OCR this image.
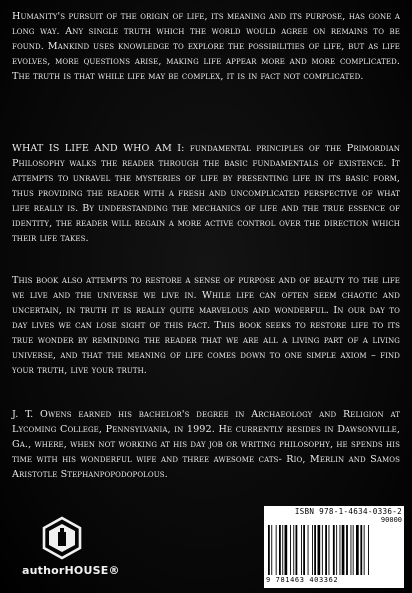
Humanity's pursuit of the origin of life, its meaning and its purpose, has gone a long way. Any single truth which the world would agree on remains to be found. Mankind uses knowledge to explore the possibilities of life, but as life evolves, more questions arise, making life appear more and more complicated. The truth is that while life may be complex, it is in fact not complicated.
WHAT IS LIFE AND WHO AM I: fundamental principles of the Primordian Philosophy walks the reader through the basic fundamentals of existence. It attempts to unravel the mysteries of life by presenting life in its basic form, thus providing the reader with a fresh and uncomplicated perspective of what life really is. By understanding the mechanics of life and the true essence of identity, the reader will regain a more active control over the direction which their life takes.
This book also attempts to restore a sense of purpose and of beauty to the life we live and the universe we live in. While life can often seem chaotic and uncertain, in truth it is really quite marvelous and wonderful. In our day to day lives we can lose sight of this fact. This book seeks to restore life to its true wonder by reminding the reader that we are all a living part of a living universe, and that the meaning of life comes down to one simple axiom – find your truth, live your truth.
J. T. Owens earned his bachelor's degree in Archaeology and Religion at Lycoming College, Pennsylvania, in 1992. He currently resides in Dawsonville, Ga., where, when not working at his day job or writing philosophy, he spends his time with his wonderful wife and three awesome cats- Rio, Merlin and Samos Aristotle Stephanpopodopolous.
authorHOUSE®
ISBN 978-1-4634-0336-2
90000
9 781463 403362
